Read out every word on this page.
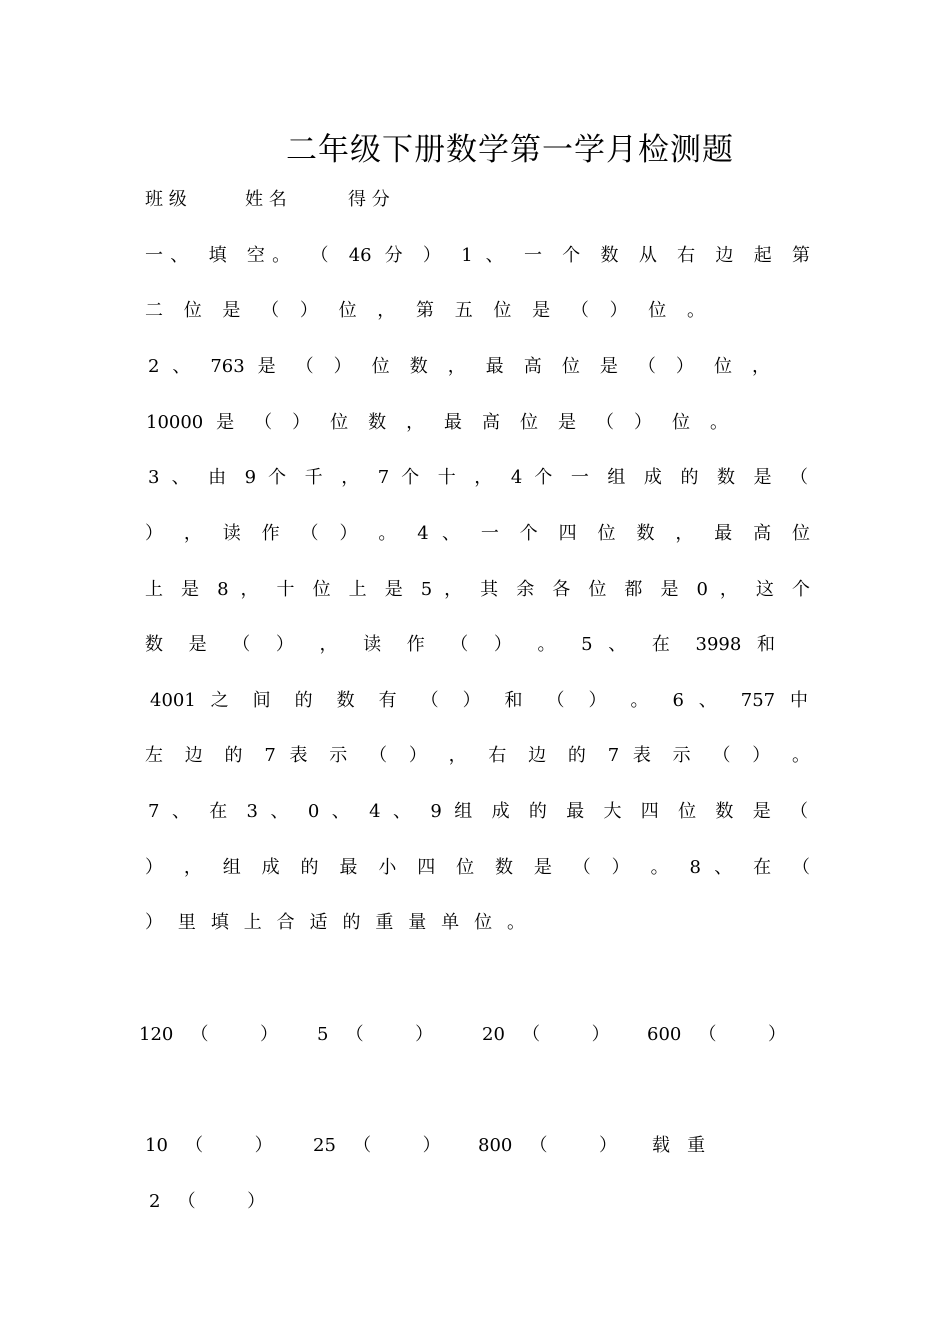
二年级下册数学第一学月检测题
班 级	姓 名	得 分
一、 填 空。 （ 46 分 ） 1 、 一 个 数 从 右 边 起 第
二 位 是 （ ） 位 ， 第 五 位 是 （ ） 位 。
2 、 763 是 （ ） 位 数 ， 最 高 位 是 （ ） 位 ，
10000 是 （ ） 位 数 ， 最 高 位 是 （ ） 位 。
3 、 由 9 个 千 ， 7 个 十 ， 4 个 一 组 成 的 数 是 （
） ， 读 作 （ ） 。 4 、 一 个 四 位 数 ， 最 高 位
上 是 8 ， 十 位 上 是 5 ， 其 余 各 位 都 是 0 ， 这 个
数 是 （ ） ， 读 作 （ ） 。 5 、 在 3998 和
4001 之 间 的 数 有 （ ） 和 （ ） 。 6 、 757 中
左 边 的 7 表 示 （ ） ， 右 边 的 7 表 示 （ ） 。
7 、 在 3 、 0 、 4 、 9 组 成 的 最 大 四 位 数 是 （
） ， 组 成 的 最 小 四 位 数 是 （ ） 。 8 、 在 （
） 里 填 上 合 适 的 重 量 单 位 。
120   （         ） 5   （         ）	20   （         ） 600   （         ）
10   （         ） 25   （         ） 800   （         ） 载   重
2   （         ）
